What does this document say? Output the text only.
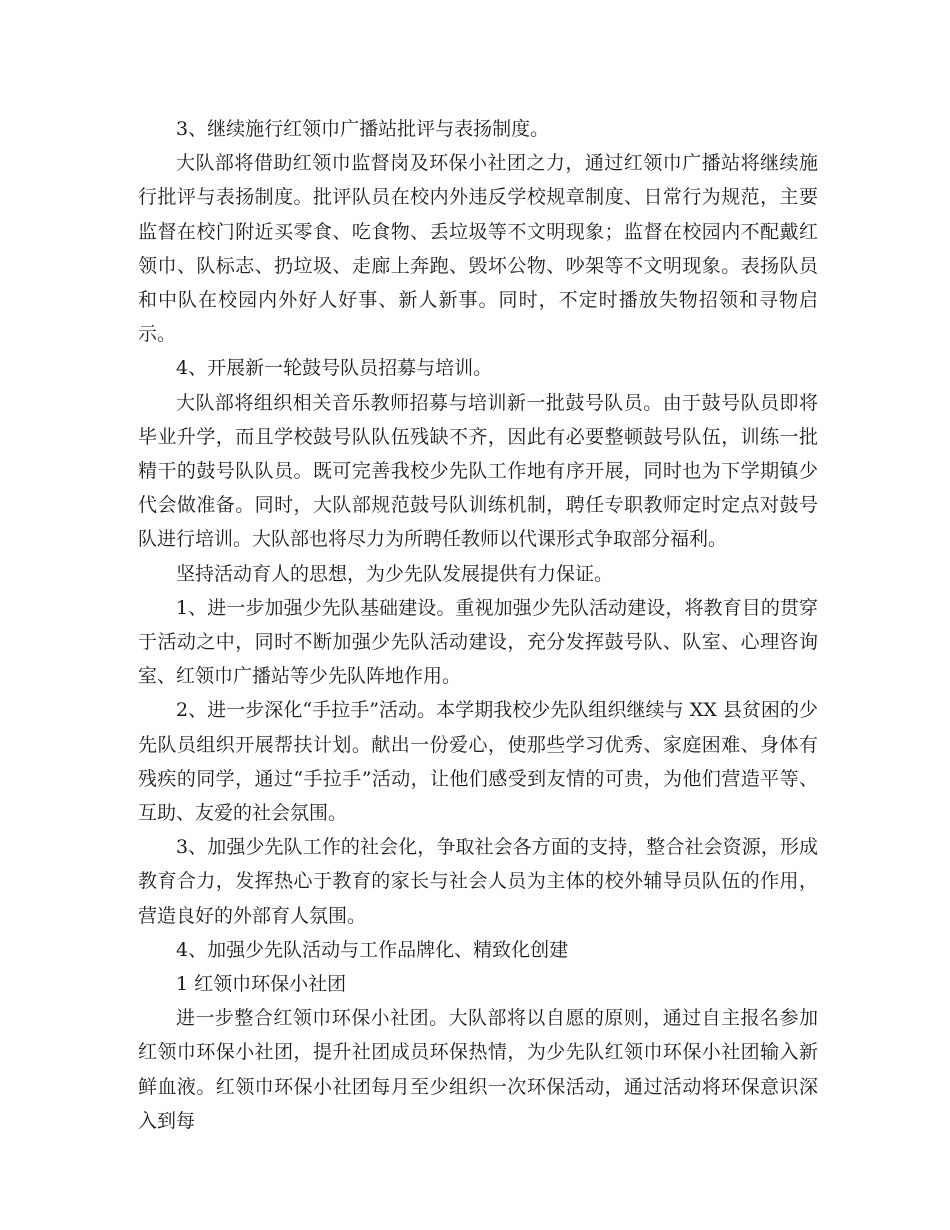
3、继续施行红领巾广播站批评与表扬制度。

大队部将借助红领巾监督岗及环保小社团之力，通过红领巾广播站将继续施行批评与表扬制度。批评队员在校内外违反学校规章制度、日常行为规范，主要监督在校门附近买零食、吃食物、丢垃圾等不文明现象；监督在校园内不配戴红领巾、队标志、扔垃圾、走廊上奔跑、毁坏公物、吵架等不文明现象。表扬队员和中队在校园内外好人好事、新人新事。同时，不定时播放失物招领和寻物启示。

4、开展新一轮鼓号队员招募与培训。

大队部将组织相关音乐教师招募与培训新一批鼓号队员。由于鼓号队员即将毕业升学，而且学校鼓号队队伍残缺不齐，因此有必要整顿鼓号队伍，训练一批精干的鼓号队队员。既可完善我校少先队工作地有序开展，同时也为下学期镇少代会做准备。同时，大队部规范鼓号队训练机制，聘任专职教师定时定点对鼓号队进行培训。大队部也将尽力为所聘任教师以代课形式争取部分福利。

坚持活动育人的思想，为少先队发展提供有力保证。

1、进一步加强少先队基础建设。重视加强少先队活动建设，将教育目的贯穿于活动之中，同时不断加强少先队活动建设，充分发挥鼓号队、队室、心理咨询室、红领巾广播站等少先队阵地作用。

2、进一步深化“手拉手”活动。本学期我校少先队组织继续与 XX 县贫困的少先队员组织开展帮扶计划。献出一份爱心，使那些学习优秀、家庭困难、身体有残疾的同学，通过“手拉手”活动，让他们感受到友情的可贵，为他们营造平等、互助、友爱的社会氛围。

3、加强少先队工作的社会化，争取社会各方面的支持，整合社会资源，形成教育合力，发挥热心于教育的家长与社会人员为主体的校外辅导员队伍的作用，营造良好的外部育人氛围。

4、加强少先队活动与工作品牌化、精致化创建

1 红领巾环保小社团

进一步整合红领巾环保小社团。大队部将以自愿的原则，通过自主报名参加红领巾环保小社团，提升社团成员环保热情，为少先队红领巾环保小社团输入新鲜血液。红领巾环保小社团每月至少组织一次环保活动，通过活动将环保意识深入到每
